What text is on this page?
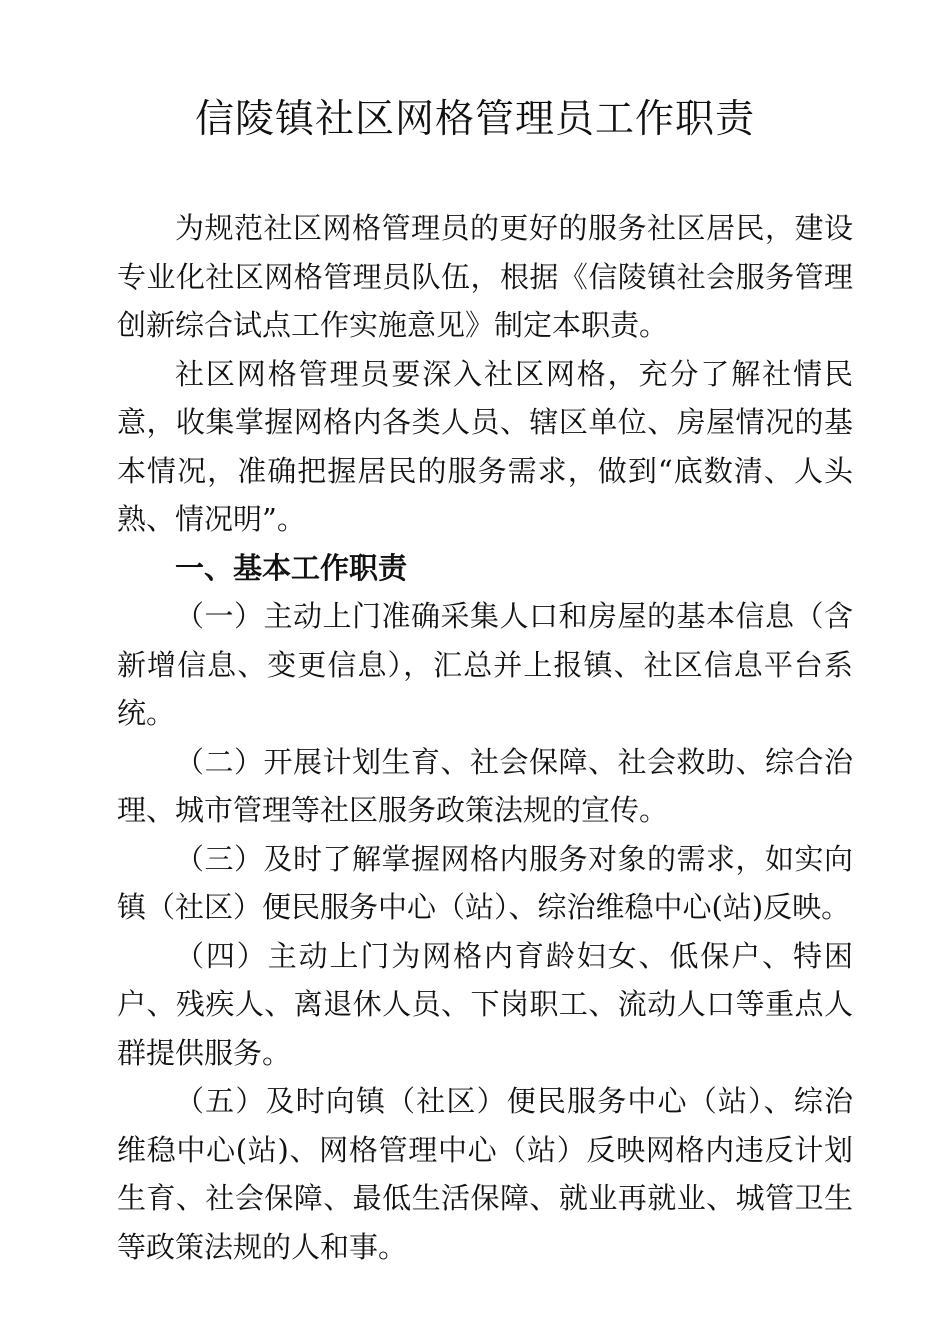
信陵镇社区网格管理员工作职责

为规范社区网格管理员的更好的服务社区居民，建设专业化社区网格管理员队伍，根据《信陵镇社会服务管理创新综合试点工作实施意见》制定本职责。

社区网格管理员要深入社区网格，充分了解社情民意，收集掌握网格内各类人员、辖区单位、房屋情况的基本情况，准确把握居民的服务需求，做到“底数清、人头熟、情况明”。

一、基本工作职责

（一）主动上门准确采集人口和房屋的基本信息（含新增信息、变更信息），汇总并上报镇、社区信息平台系统。

（二）开展计划生育、社会保障、社会救助、综合治理、城市管理等社区服务政策法规的宣传。

（三）及时了解掌握网格内服务对象的需求，如实向镇（社区）便民服务中心（站）、综治维稳中心(站)反映。

（四）主动上门为网格内育龄妇女、低保户、特困户、残疾人、离退休人员、下岗职工、流动人口等重点人群提供服务。

（五）及时向镇（社区）便民服务中心（站）、综治维稳中心(站)、网格管理中心（站）反映网格内违反计划生育、社会保障、最低生活保障、就业再就业、城管卫生等政策法规的人和事。
